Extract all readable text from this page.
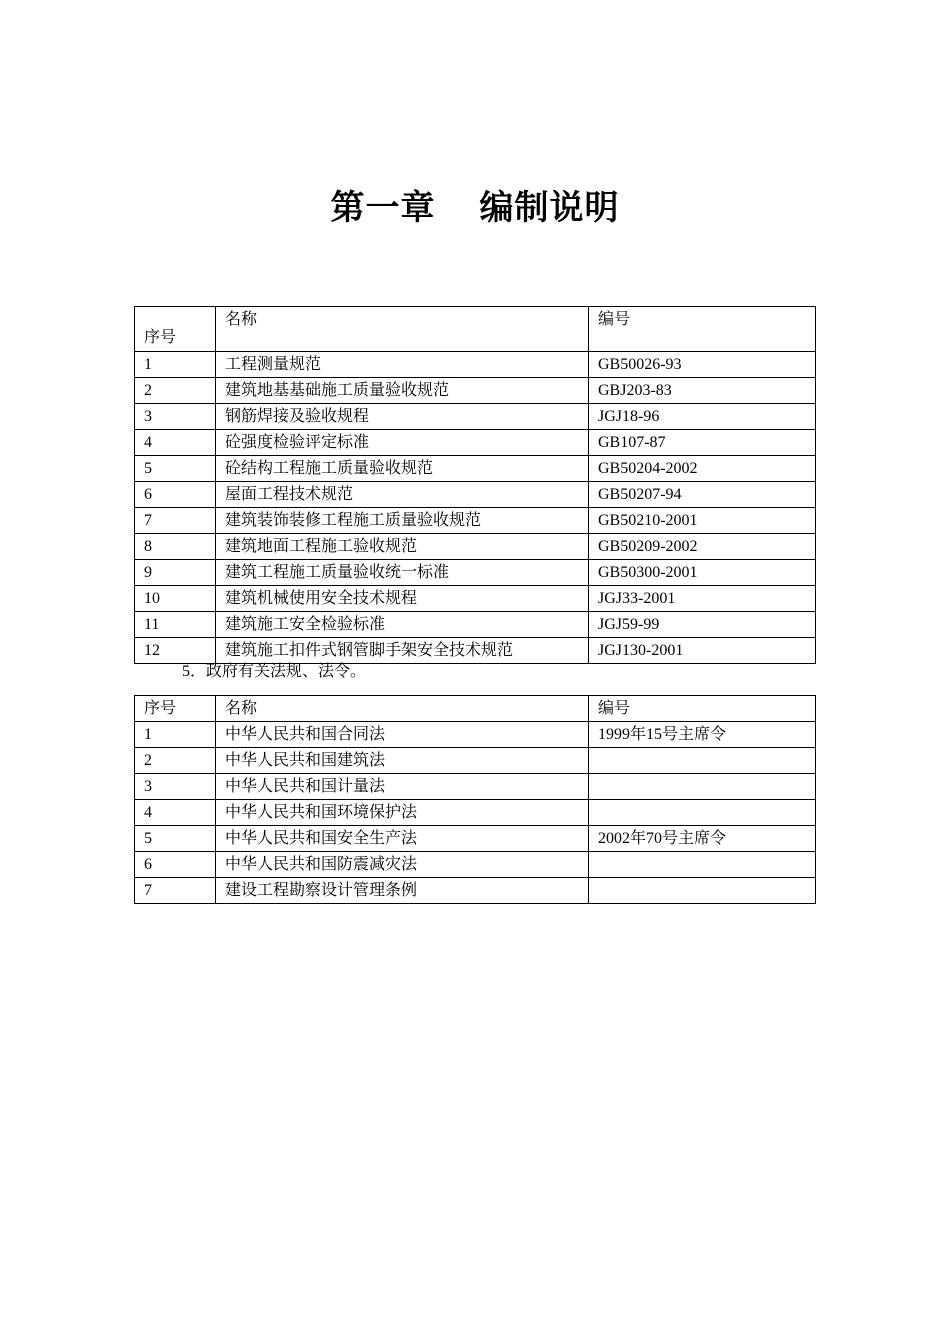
第一章 编制说明
序号	名称	编号
1	工程测量规范	GB50026-93
2	建筑地基基础施工质量验收规范	GBJ203-83
3	钢筋焊接及验收规程	JGJ18-96
4	砼强度检验评定标准	GB107-87
5	砼结构工程施工质量验收规范	GB50204-2002
6	屋面工程技术规范	GB50207-94
7	建筑装饰装修工程施工质量验收规范	GB50210-2001
8	建筑地面工程施工验收规范	GB50209-2002
9	建筑工程施工质量验收统一标准	GB50300-2001
10	建筑机械使用安全技术规程	JGJ33-2001
11	建筑施工安全检验标准	JGJ59-99
12	建筑施工扣件式钢管脚手架安全技术规范	JGJ130-2001
5．政府有关法规、法令。
序号	名称	编号
1	中华人民共和国合同法	1999年15号主席令
2	中华人民共和国建筑法	
3	中华人民共和国计量法	
4	中华人民共和国环境保护法	
5	中华人民共和国安全生产法	2002年70号主席令
6	中华人民共和国防震减灾法	
7	建设工程勘察设计管理条例	
